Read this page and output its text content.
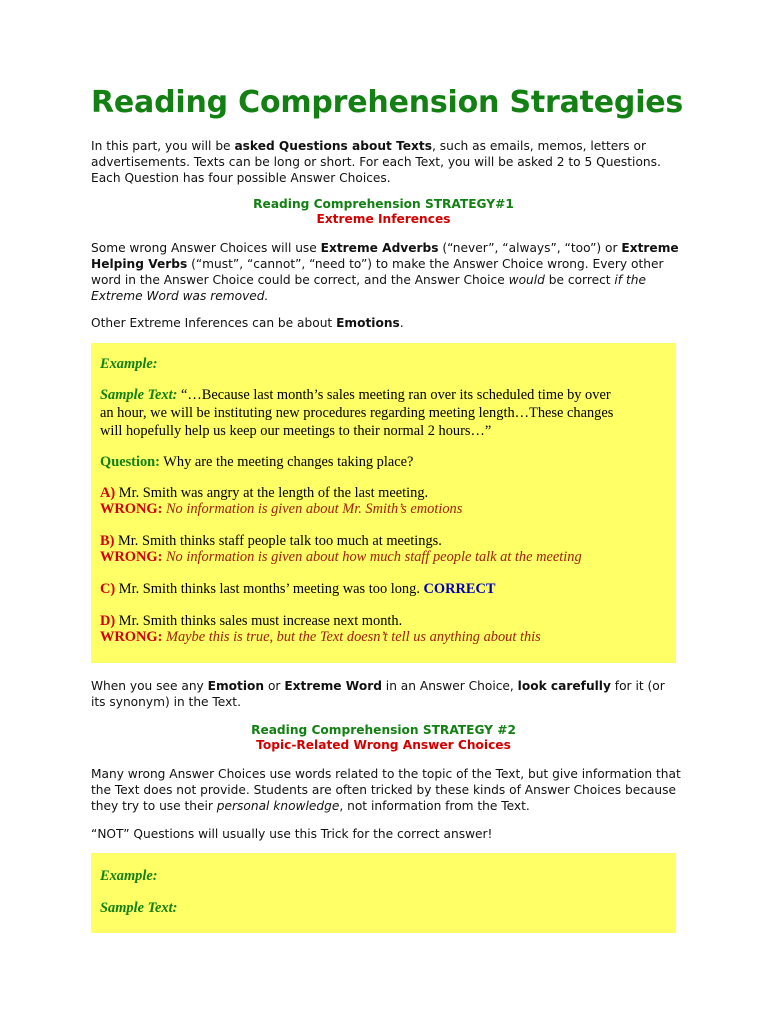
Reading Comprehension Strategies

In this part, you will be asked Questions about Texts, such as emails, memos, letters or advertisements. Texts can be long or short. For each Text, you will be asked 2 to 5 Questions. Each Question has four possible Answer Choices.

Reading Comprehension STRATEGY#1

Extreme Inferences

Some wrong Answer Choices will use Extreme Adverbs (“never”, “always”, “too”) or Extreme Helping Verbs (“must”, “cannot”, “need to”) to make the Answer Choice wrong. Every other word in the Answer Choice could be correct, and the Answer Choice would be correct if the Extreme Word was removed.

Other Extreme Inferences can be about Emotions.

Example:

Sample Text: “…Because last month’s sales meeting ran over its scheduled time by over

an hour, we will be instituting new procedures regarding meeting length…These changes

will hopefully help us keep our meetings to their normal 2 hours…”

Question: Why are the meeting changes taking place?

A) Mr. Smith was angry at the length of the last meeting.

WRONG: No information is given about Mr. Smith’s emotions

B) Mr. Smith thinks staff people talk too much at meetings.

WRONG: No information is given about how much staff people talk at the meeting

C) Mr. Smith thinks last months’ meeting was too long. CORRECT

D) Mr. Smith thinks sales must increase next month.

WRONG: Maybe this is true, but the Text doesn’t tell us anything about this

When you see any Emotion or Extreme Word in an Answer Choice, look carefully for it (or its synonym) in the Text.

Reading Comprehension STRATEGY #2

Topic-Related Wrong Answer Choices

Many wrong Answer Choices use words related to the topic of the Text, but give information that the Text does not provide. Students are often tricked by these kinds of Answer Choices because they try to use their personal knowledge, not information from the Text.

“NOT” Questions will usually use this Trick for the correct answer!

Example:

Sample Text:
